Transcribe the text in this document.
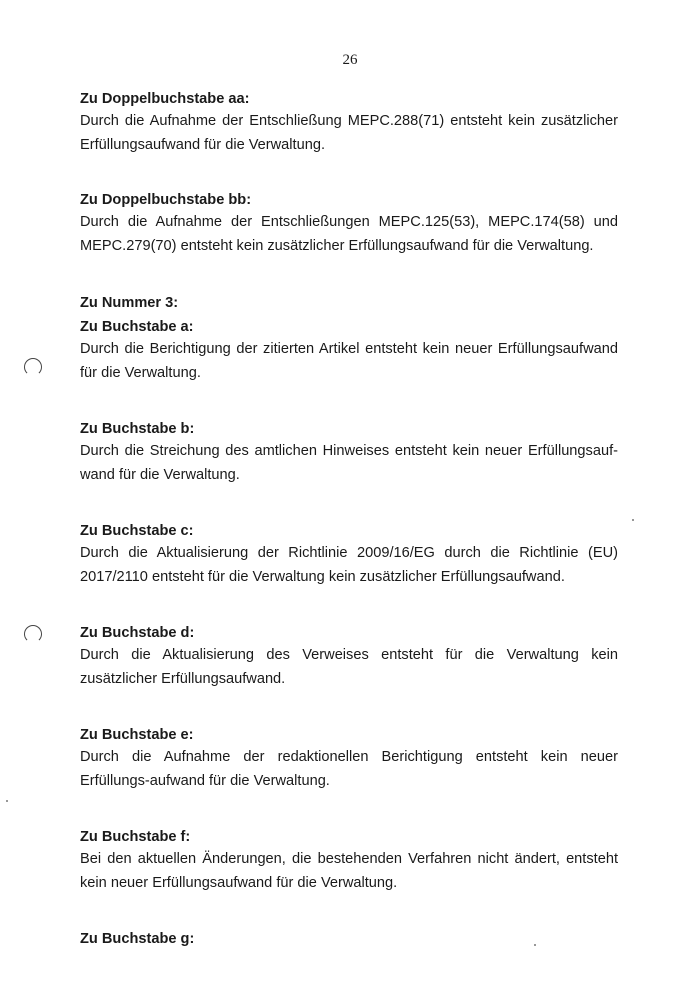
26

Zu Doppelbuchstabe aa:

Durch die Aufnahme der Entschließung MEPC.288(71) entsteht kein zusätzlicher Erfüllungsaufwand für die Verwaltung.

Zu Doppelbuchstabe bb:

Durch die Aufnahme der Entschließungen MEPC.125(53), MEPC.174(58) und MEPC.279(70) entsteht kein zusätzlicher Erfüllungsaufwand für die Verwaltung.

Zu Nummer 3:

Zu Buchstabe a:

Durch die Berichtigung der zitierten Artikel entsteht kein neuer Erfüllungsaufwand für die Verwaltung.

Zu Buchstabe b:

Durch die Streichung des amtlichen Hinweises entsteht kein neuer Erfüllungsauf-wand für die Verwaltung.

Zu Buchstabe c:

Durch die Aktualisierung der Richtlinie 2009/16/EG durch die Richtlinie (EU) 2017/2110 entsteht für die Verwaltung kein zusätzlicher Erfüllungsaufwand.

Zu Buchstabe d:

Durch die Aktualisierung des Verweises entsteht für die Verwaltung kein zusätzlicher Erfüllungsaufwand.

Zu Buchstabe e:

Durch die Aufnahme der redaktionellen Berichtigung entsteht kein neuer Erfüllungs-aufwand für die Verwaltung.

Zu Buchstabe f:

Bei den aktuellen Änderungen, die bestehenden Verfahren nicht ändert, entsteht kein neuer Erfüllungsaufwand für die Verwaltung.

Zu Buchstabe g:
